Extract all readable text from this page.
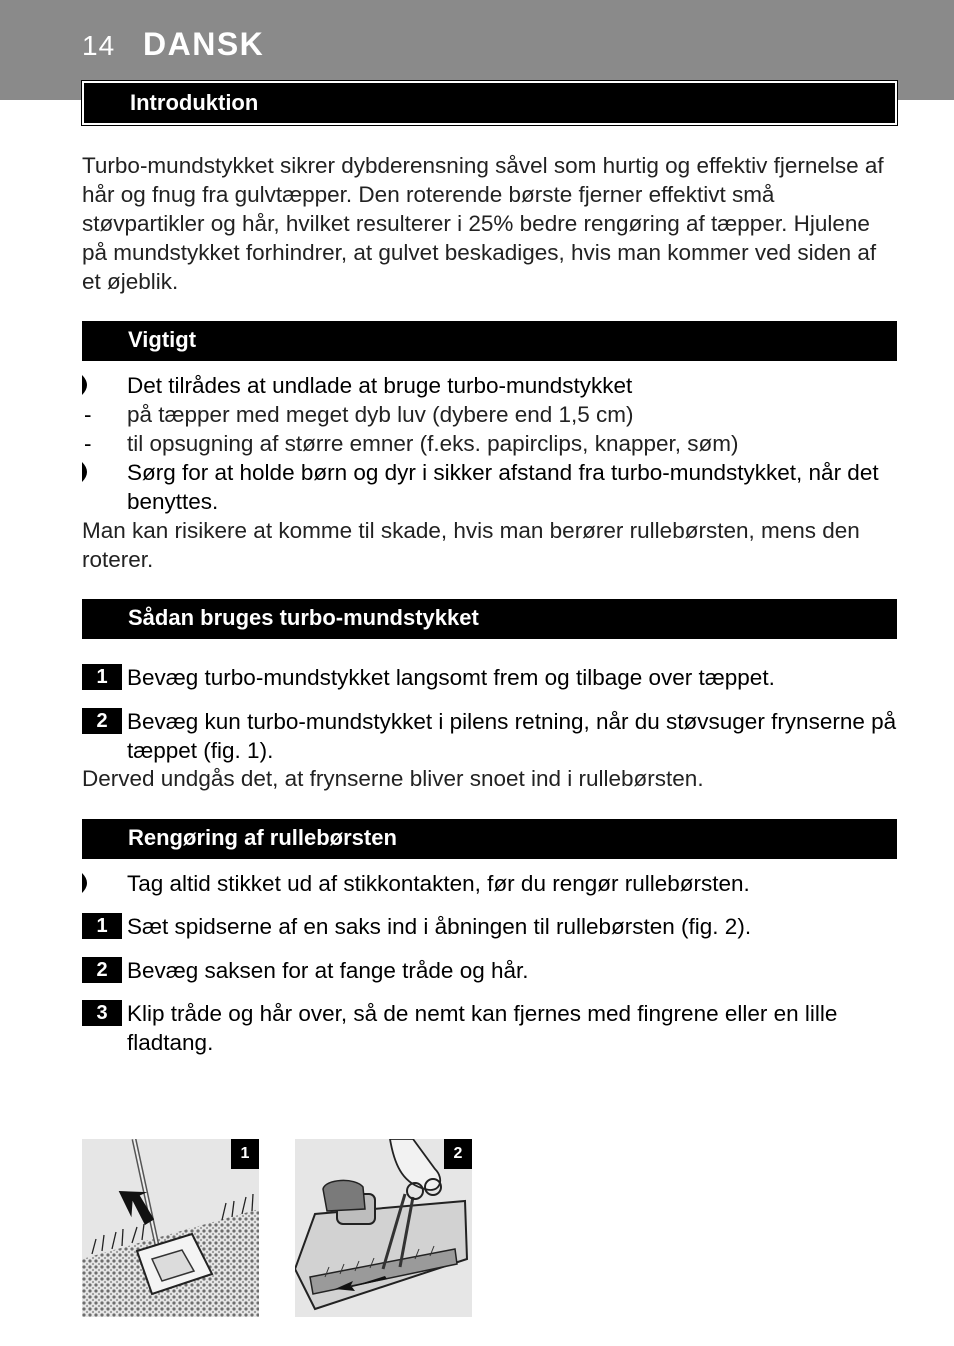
14 DANSK
Introduktion
Turbo-mundstykket sikrer dybderensning såvel som hurtig og effektiv fjernelse af hår og fnug fra gulvtæpper. Den roterende børste fjerner effektivt små støvpartikler og hår, hvilket resulterer i 25% bedre rengøring af tæpper. Hjulene på mundstykket forhindrer, at gulvet beskadiges, hvis man kommer ved siden af et øjeblik.
Vigtigt
Det tilrådes at undlade at bruge turbo-mundstykket
- på tæpper med meget dyb luv (dybere end 1,5 cm)
- til opsugning af større emner (f.eks. papirclips, knapper, søm)
Sørg for at holde børn og dyr i sikker afstand fra turbo-mundstykket, når det benyttes.
Man kan risikere at komme til skade, hvis man berører rullebørsten, mens den roterer.
Sådan bruges turbo-mundstykket
1 Bevæg turbo-mundstykket langsomt frem og tilbage over tæppet.
2 Bevæg kun turbo-mundstykket i pilens retning, når du støvsuger frynserne på tæppet (fig. 1).
Derved undgås det, at frynserne bliver snoet ind i rullebørsten.
Rengøring af rullebørsten
Tag altid stikket ud af stikkontakten, før du rengør rullebørsten.
1 Sæt spidserne af en saks ind i åbningen til rullebørsten (fig. 2).
2 Bevæg saksen for at fange tråde og hår.
3 Klip tråde og hår over, så de nemt kan fjernes med fingrene eller en lille fladtang.
1	2
